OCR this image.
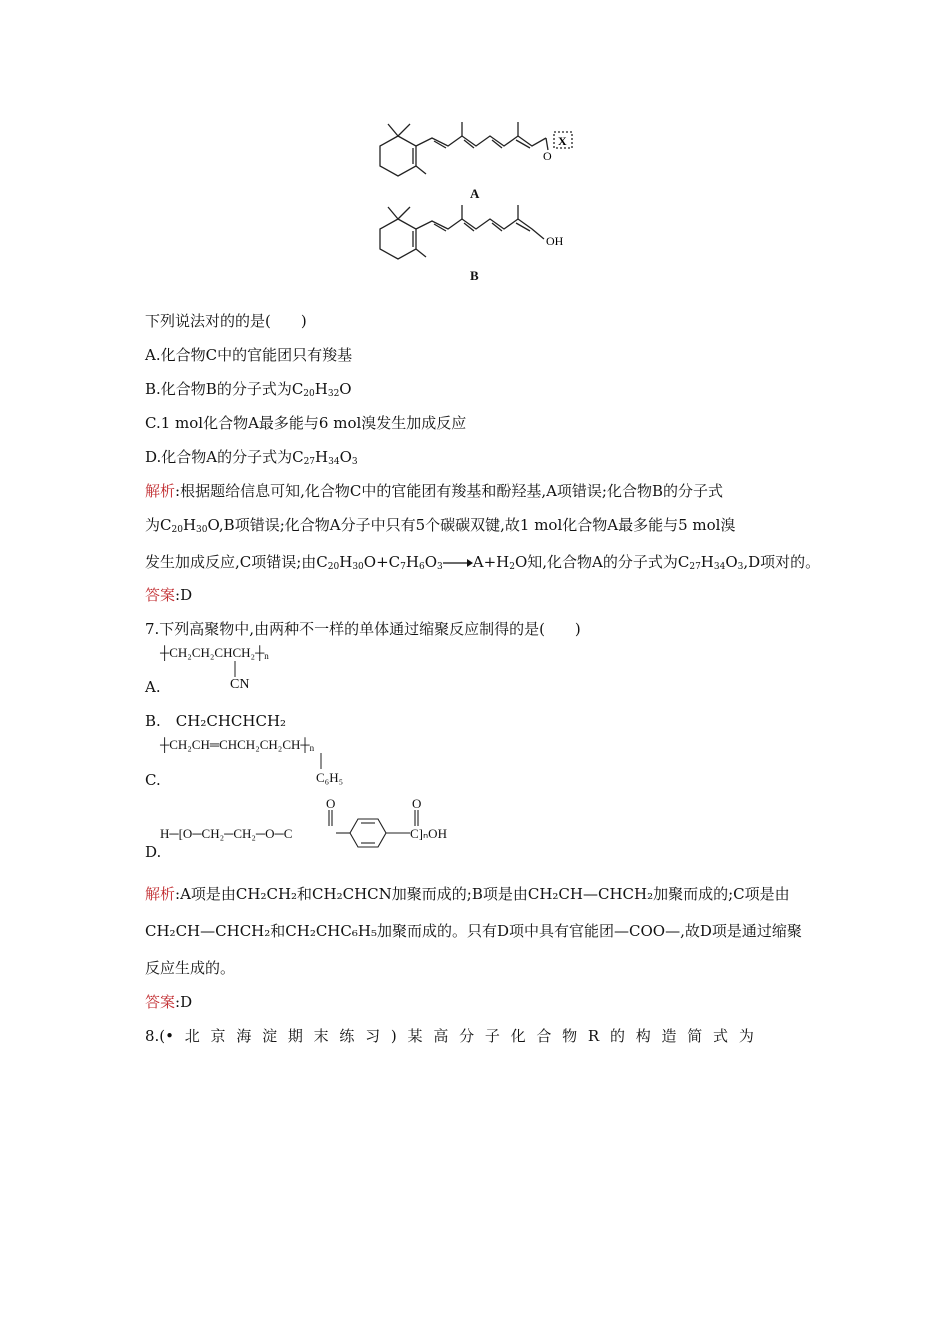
O
X
A
OH
B
下列说法对的的是(　　)
A.化合物C中的官能团只有羧基
B.化合物B的分子式为$C_{20}H_{32}O$
C.1 mol化合物A最多能与6 mol溴发生加成反应
D.化合物A的分子式为$C_{27}H_{34}O_3$
解析:根据题给信息可知,化合物C中的官能团有羧基和酚羟基,A项错误;化合物B的分子式
为$C_{20}H_{30}O,B$项错误;化合物A分子中只有5个碳碳双键,故1 mol化合物A最多能与5 mol溴
发生加成反应,C项错误;由$C_{20}H_{30}O+C_7H_6O_3\to A+H_2O$知,化合物A的分子式为$C_{27}H_{34}O_3,D$项对的。
答案:D
7.下列高聚物中,由两种不一样的单体通过缩聚反应制得的是(　　)
$┼CH_2CH_2CHCH_2┼_n$
A.	CN
B.　CH₂CHCHCH₂
$┼CH_2CH═CHCH_2CH_2CH┼_n$
C.	C₆H₅
O	O
H─[O─CH₂─CH₂─O─C	C]ₙOH
D.
解析:A项是由CH₂CH₂和CH₂CHCN加聚而成的;B项是由CH₂CH—CHCH₂加聚而成的;C项是由
CH₂CH—CHCH₂和CH₂CHC₆H₅加聚而成的。只有D项中具有官能团—COO—,故D项是通过缩聚
反应生成的。
答案:D
8.(• 北 京 海 淀 期 末 练 习 ) 某 高 分 子 化 合 物 R 的 构 造 简 式 为
